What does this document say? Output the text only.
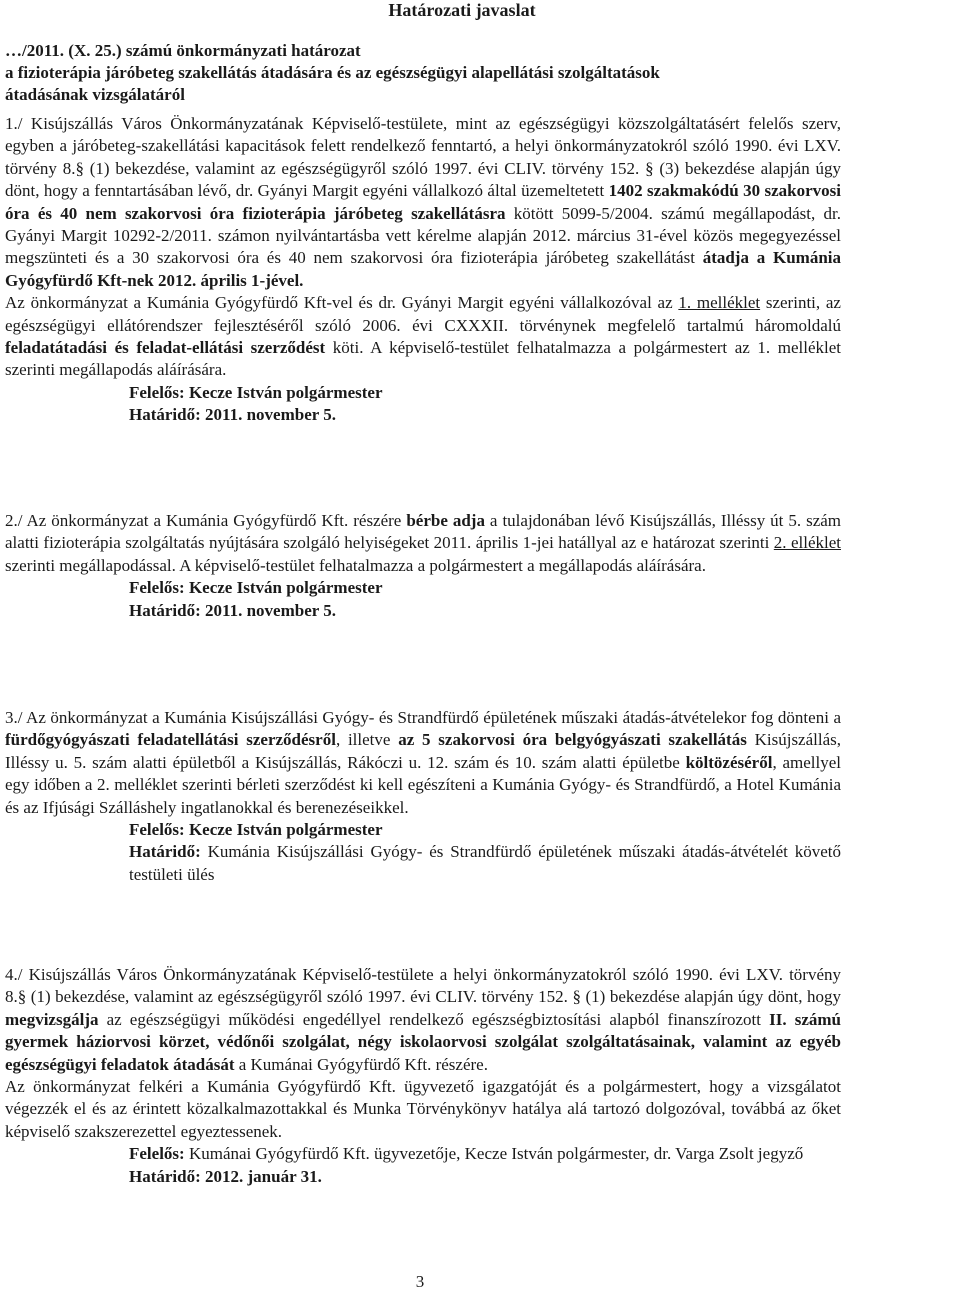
Határozati javaslat
…/2011. (X. 25.) számú önkormányzati határozat
a fizioterápia járóbeteg szakellátás átadására és az egészségügyi alapellátási szolgáltatások
átadásának vizsgálatáról

1./ Kisújszállás Város Önkormányzatának Képviselő-testülete, mint az egészségügyi közszolgáltatásért felelős szerv, egyben a járóbeteg-szakellátási kapacitások felett rendelkező fenntartó, a helyi önkormányzatokról szóló 1990. évi LXV. törvény 8.§ (1) bekezdése, valamint az egészségügyről szóló 1997. évi CLIV. törvény 152. § (3) bekezdése alapján úgy dönt, hogy a fenntartásában lévő, dr. Gyányi Margit egyéni vállalkozó által üzemeltetett 1402 szakmakódú 30 szakorvosi óra és 40 nem szakorvosi óra fizioterápia járóbeteg szakellátásra kötött 5099-5/2004. számú megállapodást, dr. Gyányi Margit 10292-2/2011. számon nyilvántartásba vett kérelme alapján 2012. március 31-ével közös megegyezéssel megszünteti és a 30 szakorvosi óra és 40 nem szakorvosi óra fizioterápia járóbeteg szakellátást átadja a Kumánia Gyógyfürdő Kft-nek 2012. április 1-jével.

Az önkormányzat a Kumánia Gyógyfürdő Kft-vel és dr. Gyányi Margit egyéni vállalkozóval az 1. melléklet szerinti, az egészségügyi ellátórendszer fejlesztéséről szóló 2006. évi CXXXII. törvénynek megfelelő tartalmú háromoldalú feladatátadási és feladat-ellátási szerződést köti. A képviselő-testület felhatalmazza a polgármestert az 1. melléklet szerinti megállapodás aláírására.

Felelős: Kecze István polgármester
Határidő: 2011. november 5.

2./ Az önkormányzat a Kumánia Gyógyfürdő Kft. részére bérbe adja a tulajdonában lévő Kisújszállás, Illéssy út 5. szám alatti fizioterápia szolgáltatás nyújtására szolgáló helyiségeket 2011. április 1-jei hatállyal az e határozat szerinti 2. elléklet szerinti megállapodással. A képviselő-testület felhatalmazza a polgármestert a megállapodás aláírására.

Felelős: Kecze István polgármester
Határidő: 2011. november 5.

3./ Az önkormányzat a Kumánia Kisújszállási Gyógy- és Strandfürdő épületének műszaki átadás-átvételekor fog dönteni a fürdőgyógyászati feladatellátási szerződésről, illetve az 5 szakorvosi óra belgyógyászati szakellátás Kisújszállás, Illéssy u. 5. szám alatti épületből a Kisújszállás, Rákóczi u. 12. szám és 10. szám alatti épületbe költözéséről, amellyel egy időben a 2. melléklet szerinti bérleti szerződést ki kell egészíteni a Kumánia Gyógy- és Strandfürdő, a Hotel Kumánia és az Ifjúsági Szálláshely ingatlanokkal és berenezéseikkel.

Felelős: Kecze István polgármester
Határidő: Kumánia Kisújszállási Gyógy- és Strandfürdő épületének műszaki átadás-átvételét követő testületi ülés

4./ Kisújszállás Város Önkormányzatának Képviselő-testülete a helyi önkormányzatokról szóló 1990. évi LXV. törvény 8.§ (1) bekezdése, valamint az egészségügyről szóló 1997. évi CLIV. törvény 152. § (1) bekezdése alapján úgy dönt, hogy megvizsgálja az egészségügyi működési engedéllyel rendelkező egészségbiztosítási alapból finanszírozott II. számú gyermek háziorvosi körzet, védőnői szolgálat, négy iskolaorvosi szolgálat szolgáltatásainak, valamint az egyéb egészségügyi feladatok átadását a Kumánai Gyógyfürdő Kft. részére.

Az önkormányzat felkéri a Kumánia Gyógyfürdő Kft. ügyvezető igazgatóját és a polgármestert, hogy a vizsgálatot végezzék el és az érintett közalkalmazottakkal és Munka Törvénykönyv hatálya alá tartozó dolgozóval, továbbá az őket képviselő szakszerezettel egyeztessenek.

Felelős: Kumánai Gyógyfürdő Kft. ügyvezetője, Kecze István polgármester, dr. Varga Zsolt jegyző
Határidő: 2012. január 31.
3
